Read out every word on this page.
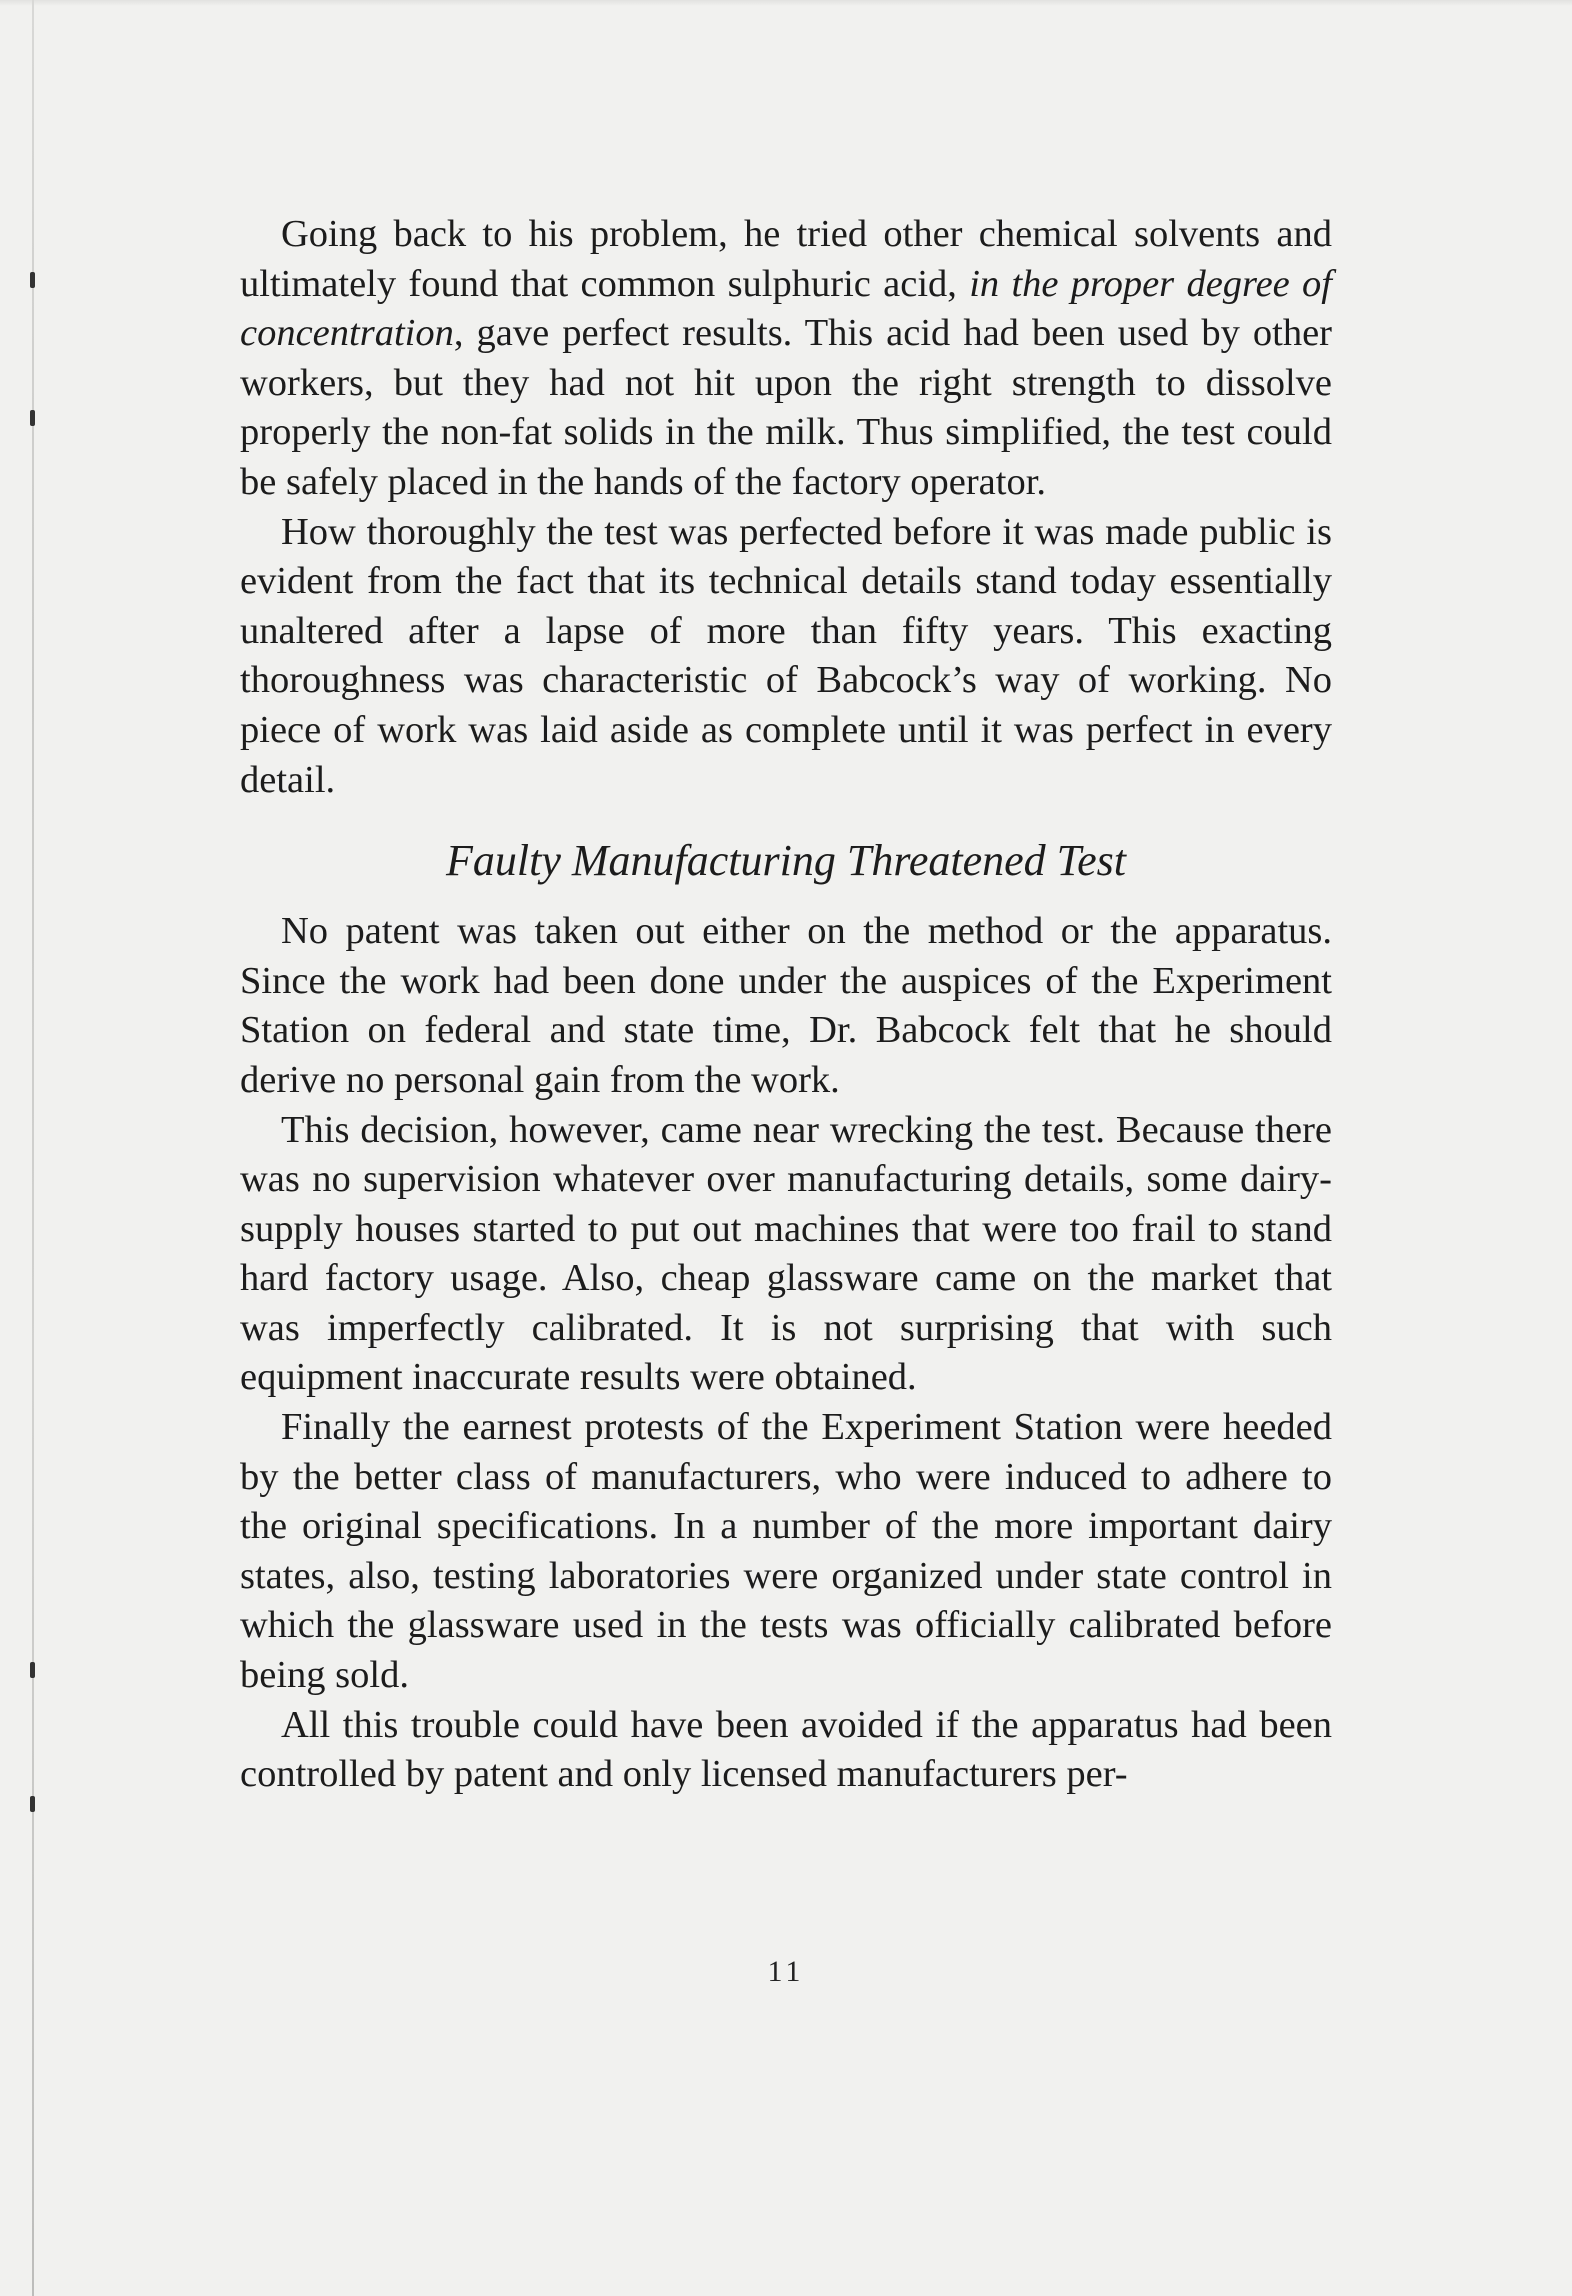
Going back to his problem, he tried other chemical solvents and ultimately found that common sulphuric acid, in the proper degree of concentration, gave perfect results. This acid had been used by other workers, but they had not hit upon the right strength to dissolve properly the non-fat solids in the milk. Thus simplified, the test could be safely placed in the hands of the factory operator.

How thoroughly the test was perfected before it was made public is evident from the fact that its technical details stand today essentially unaltered after a lapse of more than fifty years. This exacting thoroughness was characteristic of Babcock’s way of working. No piece of work was laid aside as complete until it was perfect in every detail.

Faulty Manufacturing Threatened Test

No patent was taken out either on the method or the apparatus. Since the work had been done under the auspices of the Experiment Station on federal and state time, Dr. Babcock felt that he should derive no personal gain from the work.

This decision, however, came near wrecking the test. Because there was no supervision whatever over manufacturing details, some dairy-supply houses started to put out machines that were too frail to stand hard factory usage. Also, cheap glassware came on the market that was imperfectly calibrated. It is not surprising that with such equipment inaccurate results were obtained.

Finally the earnest protests of the Experiment Station were heeded by the better class of manufacturers, who were induced to adhere to the original specifications. In a number of the more important dairy states, also, testing laboratories were organized under state control in which the glassware used in the tests was officially calibrated before being sold.

All this trouble could have been avoided if the apparatus had been controlled by patent and only licensed manufacturers per-

11
